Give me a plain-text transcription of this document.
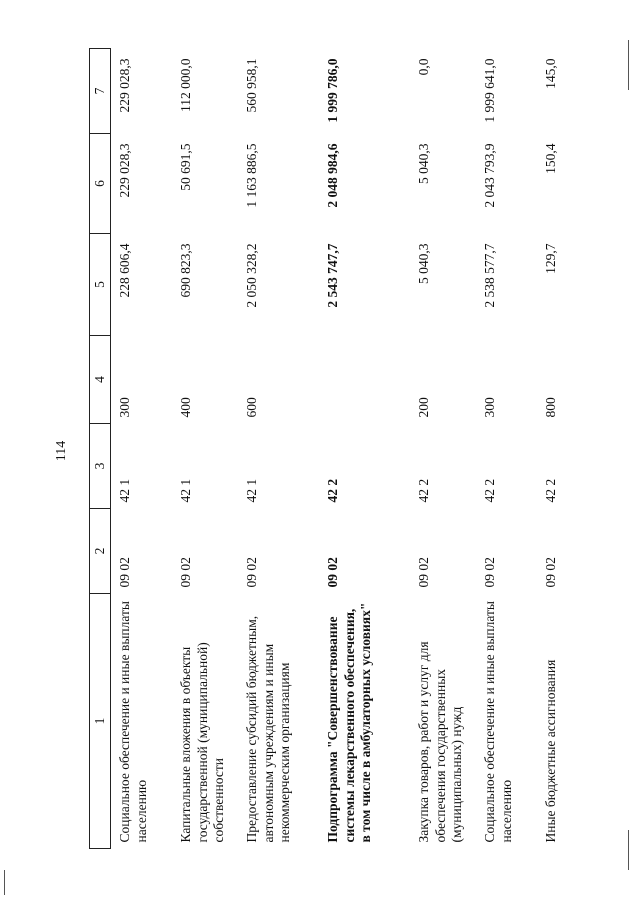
114
1	2	3	4	5	6	7
Социальное обеспечение и иные выплаты населению	09 02	42 1	300	228 606,4	229 028,3	229 028,3
Капитальные вложения в объекты государственной (муниципальной) собственности	09 02	42 1	400	690 823,3	50 691,5	112 000,0
Предоставление субсидий бюджетным, автономным учреждениям и иным некоммерческим организациям	09 02	42 1	600	2 050 328,2	1 163 886,5	560 958,1
Подпрограмма "Совершенствование системы лекарственного обеспечения, в том числе в амбулаторных условиях"	09 02	42 2		2 543 747,7	2 048 984,6	1 999 786,0
Закупка товаров, работ и услуг для обеспечения государственных (муниципальных) нужд	09 02	42 2	200	5 040,3	5 040,3	0,0
Социальное обеспечение и иные выплаты населению	09 02	42 2	300	2 538 577,7	2 043 793,9	1 999 641,0
Иные бюджетные ассигнования	09 02	42 2	800	129,7	150,4	145,0
